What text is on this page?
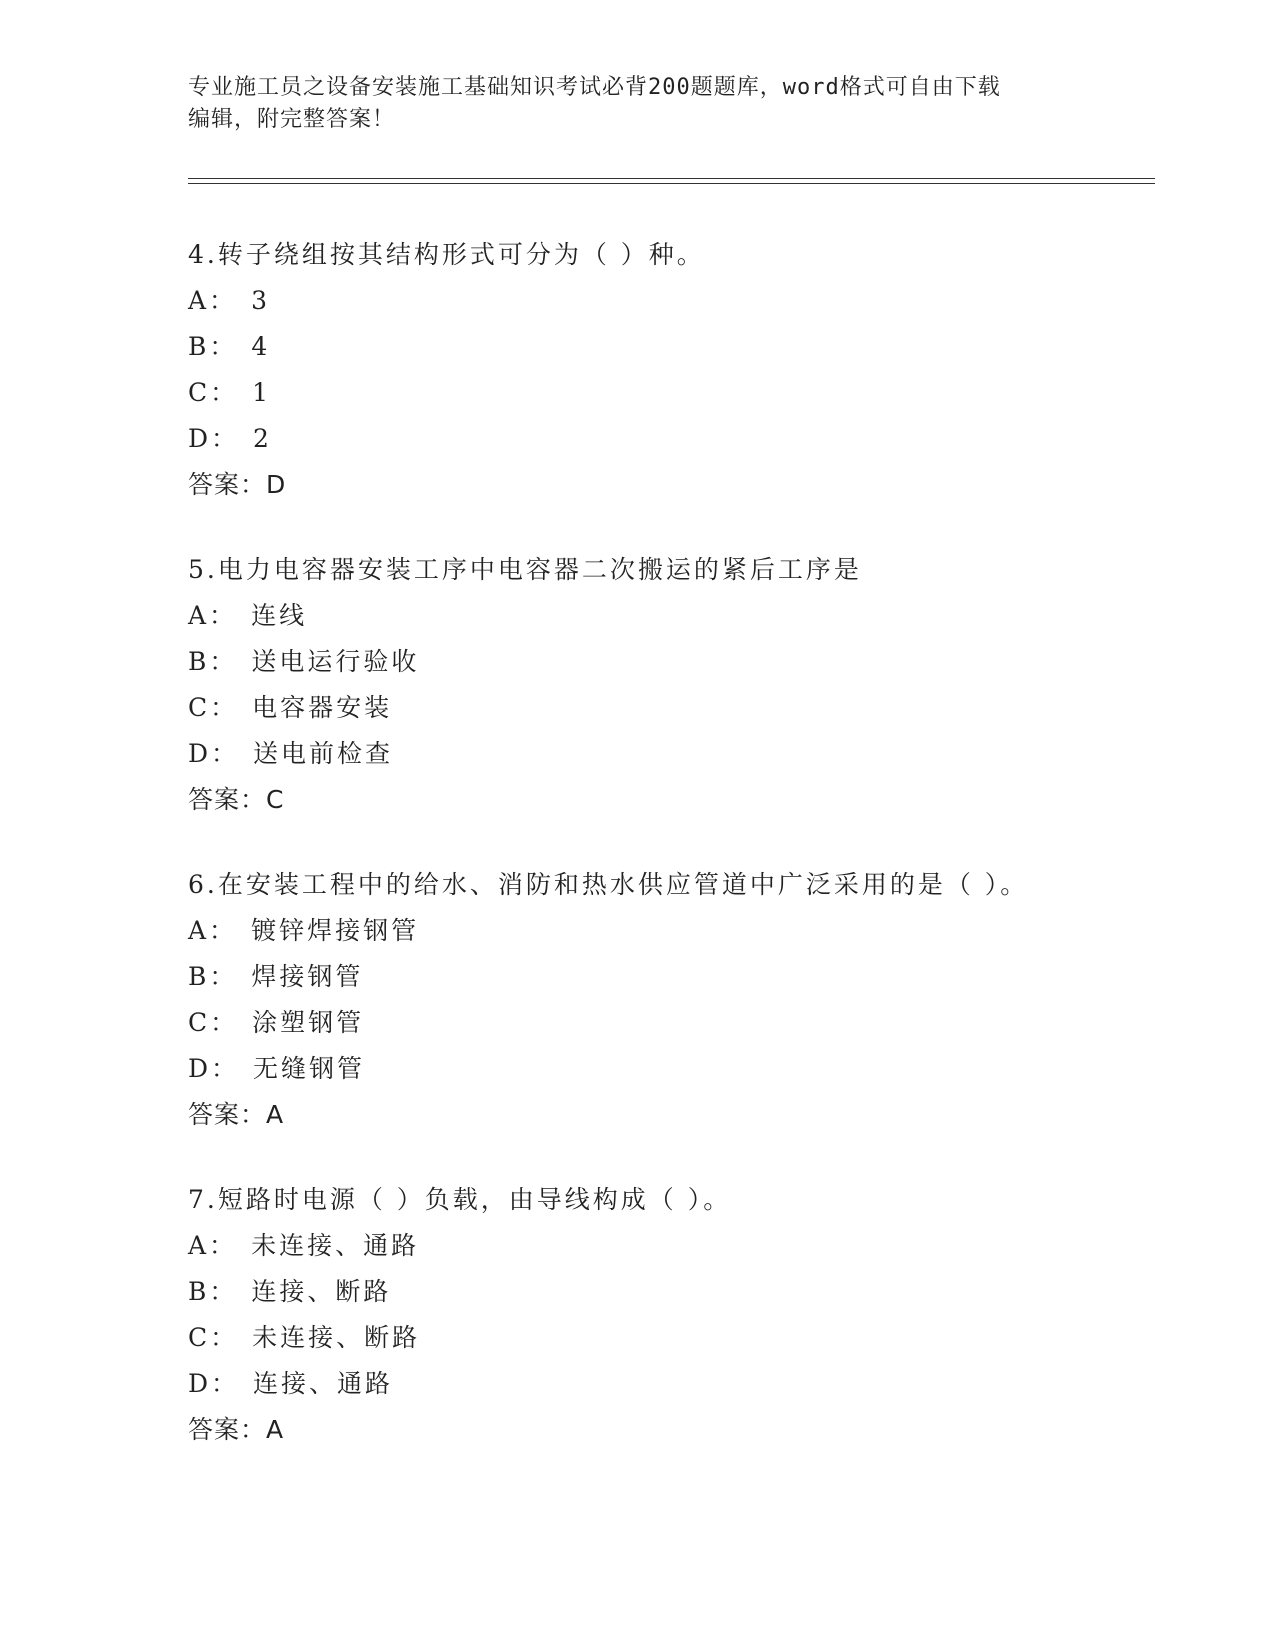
专业施工员之设备安装施工基础知识考试必背200题题库，word格式可自由下载
编辑，附完整答案！
4.转子绕组按其结构形式可分为（ ）种。
A： 3
B： 4
C： 1
D： 2
答案：D
5.电力电容器安装工序中电容器二次搬运的紧后工序是
A： 连线
B： 送电运行验收
C： 电容器安装
D： 送电前检查
答案：C
6.在安装工程中的给水、消防和热水供应管道中广泛采用的是（ ）。
A： 镀锌焊接钢管
B： 焊接钢管
C： 涂塑钢管
D： 无缝钢管
答案：A
7.短路时电源（ ）负载，由导线构成（ ）。
A： 未连接、通路
B： 连接、断路
C： 未连接、断路
D： 连接、通路
答案：A
